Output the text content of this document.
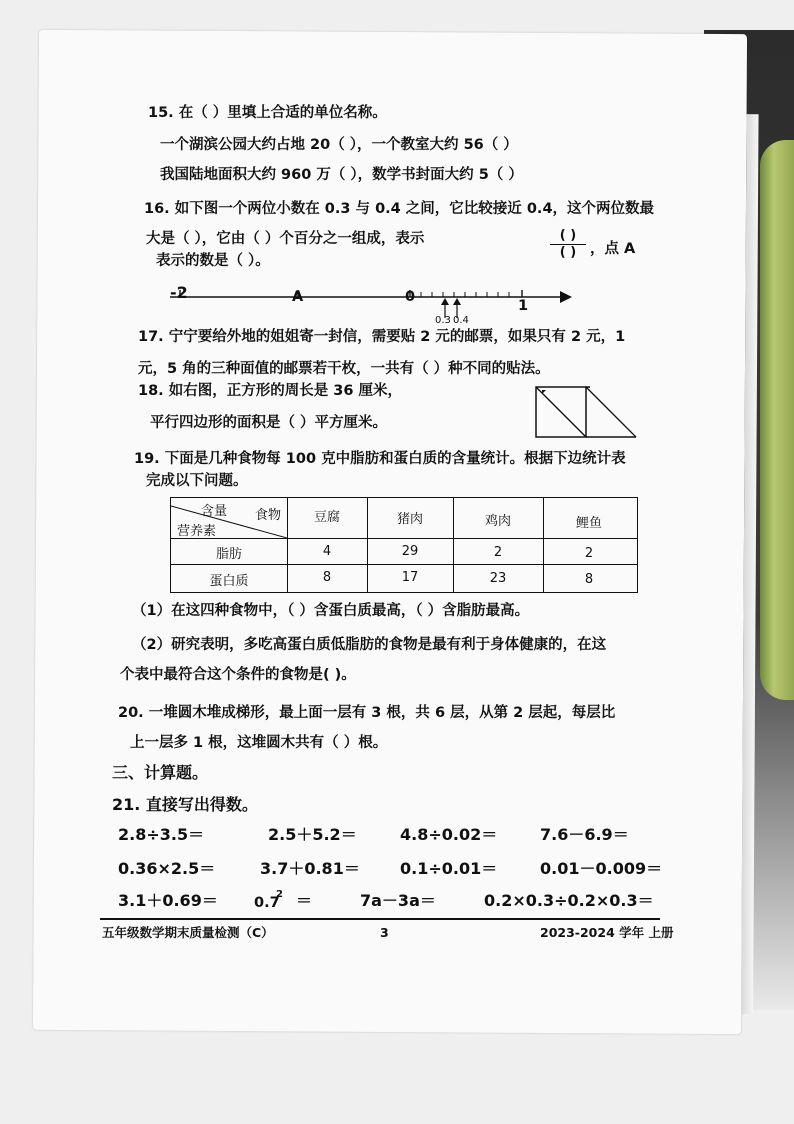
15. 在（ ）里填上合适的单位名称。
一个湖滨公园大约占地 20（ ），一个教室大约 56（ ）
我国陆地面积大约 960 万（ ），数学书封面大约 5（ ）
16. 如下图一个两位小数在 0.3 与 0.4 之间，它比较接近 0.4，这个两位数最
大是（ ），它由（ ）个百分之一组成，表示	( )
( ) ，点 A
表示的数是（ ）。
-2	A	0
1
0.3 0.4
17. 宁宁要给外地的姐姐寄一封信，需要贴 2 元的邮票，如果只有 2 元，1
元，5 角的三种面值的邮票若干枚，一共有（ ）种不同的贴法。
18. 如右图，正方形的周长是 36 厘米，
平行四边形的面积是（ ）平方厘米。
19. 下面是几种食物每 100 克中脂肪和蛋白质的含量统计。根据下边统计表
完成以下问题。
含量 食物
营养素
豆腐	猪肉	鸡肉	鲤鱼
脂肪	4	29	2	2
蛋白质	8	17	23	8
（1）在这四种食物中，（ ）含蛋白质最高，（ ）含脂肪最高。
（2）研究表明，多吃高蛋白质低脂肪的食物是最有利于身体健康的，在这
个表中最符合这个条件的食物是( )。
20. 一堆圆木堆成梯形，最上面一层有 3 根，共 6 层，从第 2 层起，每层比
上一层多 1 根，这堆圆木共有（ ）根。
三、计算题。
21. 直接写出得数。
2.8÷3.5＝	2.5＋5.2＝	4.8÷0.02＝	7.6－6.9＝
0.36×2.5＝	3.7＋0.81＝	0.1÷0.01＝	0.01－0.009＝
3.1＋0.69＝ 0.7
2 ＝	7a－3a＝	0.2×0.3÷0.2×0.3＝
五年级数学期末质量检测（C）	3	2023-2024 学年 上册
